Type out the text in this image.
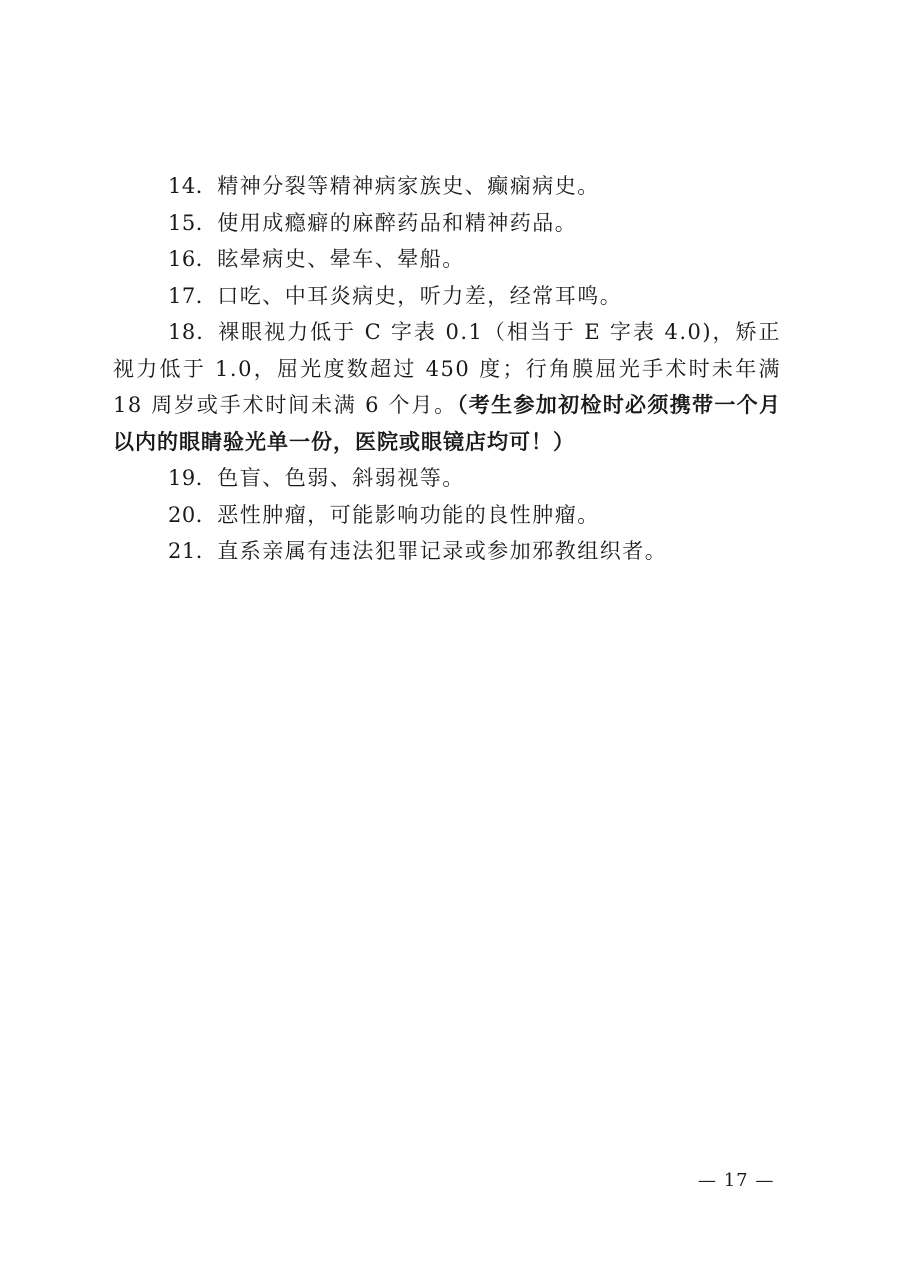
14．精神分裂等精神病家族史、癫痫病史。

15．使用成瘾癖的麻醉药品和精神药品。

16．眩晕病史、晕车、晕船。

17．口吃、中耳炎病史，听力差，经常耳鸣。

18．裸眼视力低于 C 字表 0.1（相当于 E 字表 4.0)，矫正视力低于 1.0，屈光度数超过 450 度；行角膜屈光手术时未年满 18 周岁或手术时间未满 6 个月。（考生参加初检时必须携带一个月以内的眼睛验光单一份，医院或眼镜店均可！）

19．色盲、色弱、斜弱视等。

20．恶性肿瘤，可能影响功能的良性肿瘤。

21．直系亲属有违法犯罪记录或参加邪教组织者。

— 17 —
